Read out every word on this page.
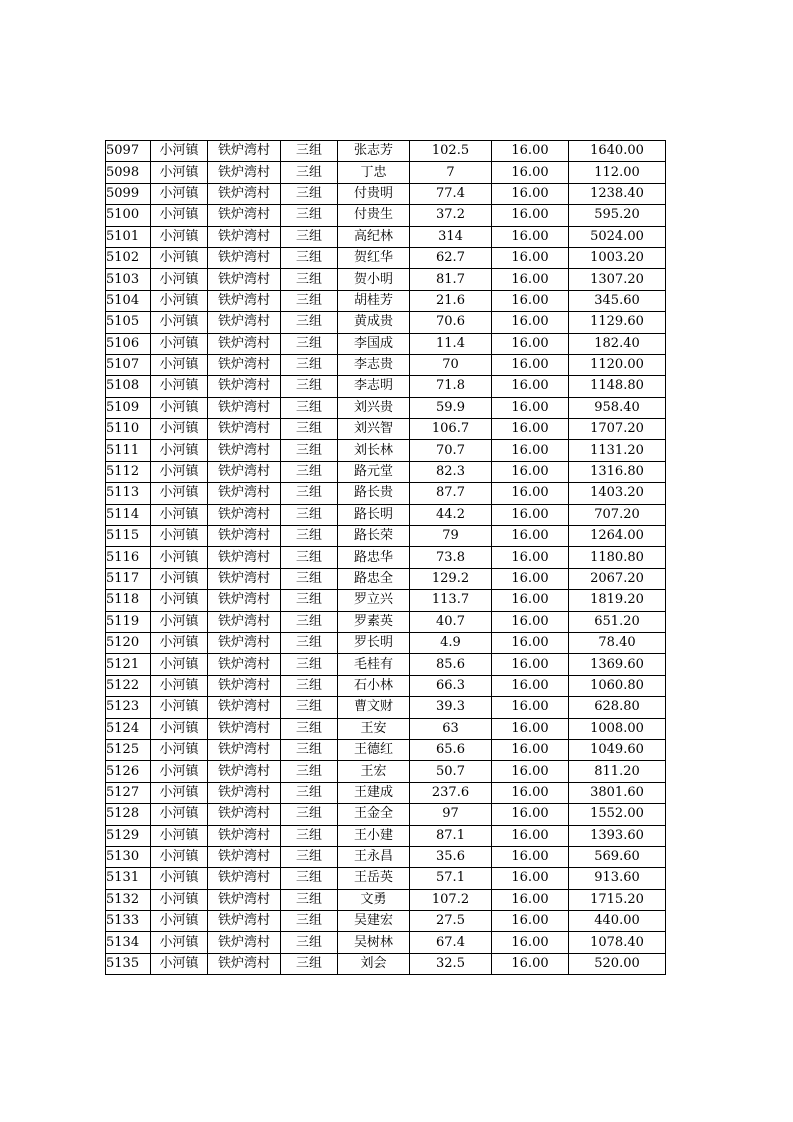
5097	小河镇	铁炉湾村	三组	张志芳	102.5	16.00	1640.00
5098	小河镇	铁炉湾村	三组	丁忠	7	16.00	112.00
5099	小河镇	铁炉湾村	三组	付贵明	77.4	16.00	1238.40
5100	小河镇	铁炉湾村	三组	付贵生	37.2	16.00	595.20
5101	小河镇	铁炉湾村	三组	高纪林	314	16.00	5024.00
5102	小河镇	铁炉湾村	三组	贺红华	62.7	16.00	1003.20
5103	小河镇	铁炉湾村	三组	贺小明	81.7	16.00	1307.20
5104	小河镇	铁炉湾村	三组	胡桂芳	21.6	16.00	345.60
5105	小河镇	铁炉湾村	三组	黄成贵	70.6	16.00	1129.60
5106	小河镇	铁炉湾村	三组	李国成	11.4	16.00	182.40
5107	小河镇	铁炉湾村	三组	李志贵	70	16.00	1120.00
5108	小河镇	铁炉湾村	三组	李志明	71.8	16.00	1148.80
5109	小河镇	铁炉湾村	三组	刘兴贵	59.9	16.00	958.40
5110	小河镇	铁炉湾村	三组	刘兴智	106.7	16.00	1707.20
5111	小河镇	铁炉湾村	三组	刘长林	70.7	16.00	1131.20
5112	小河镇	铁炉湾村	三组	路元堂	82.3	16.00	1316.80
5113	小河镇	铁炉湾村	三组	路长贵	87.7	16.00	1403.20
5114	小河镇	铁炉湾村	三组	路长明	44.2	16.00	707.20
5115	小河镇	铁炉湾村	三组	路长荣	79	16.00	1264.00
5116	小河镇	铁炉湾村	三组	路忠华	73.8	16.00	1180.80
5117	小河镇	铁炉湾村	三组	路忠全	129.2	16.00	2067.20
5118	小河镇	铁炉湾村	三组	罗立兴	113.7	16.00	1819.20
5119	小河镇	铁炉湾村	三组	罗素英	40.7	16.00	651.20
5120	小河镇	铁炉湾村	三组	罗长明	4.9	16.00	78.40
5121	小河镇	铁炉湾村	三组	毛桂有	85.6	16.00	1369.60
5122	小河镇	铁炉湾村	三组	石小林	66.3	16.00	1060.80
5123	小河镇	铁炉湾村	三组	曹文财	39.3	16.00	628.80
5124	小河镇	铁炉湾村	三组	王安	63	16.00	1008.00
5125	小河镇	铁炉湾村	三组	王德红	65.6	16.00	1049.60
5126	小河镇	铁炉湾村	三组	王宏	50.7	16.00	811.20
5127	小河镇	铁炉湾村	三组	王建成	237.6	16.00	3801.60
5128	小河镇	铁炉湾村	三组	王金全	97	16.00	1552.00
5129	小河镇	铁炉湾村	三组	王小建	87.1	16.00	1393.60
5130	小河镇	铁炉湾村	三组	王永昌	35.6	16.00	569.60
5131	小河镇	铁炉湾村	三组	王岳英	57.1	16.00	913.60
5132	小河镇	铁炉湾村	三组	文勇	107.2	16.00	1715.20
5133	小河镇	铁炉湾村	三组	吴建宏	27.5	16.00	440.00
5134	小河镇	铁炉湾村	三组	吴树林	67.4	16.00	1078.40
5135	小河镇	铁炉湾村	三组	刘会	32.5	16.00	520.00
